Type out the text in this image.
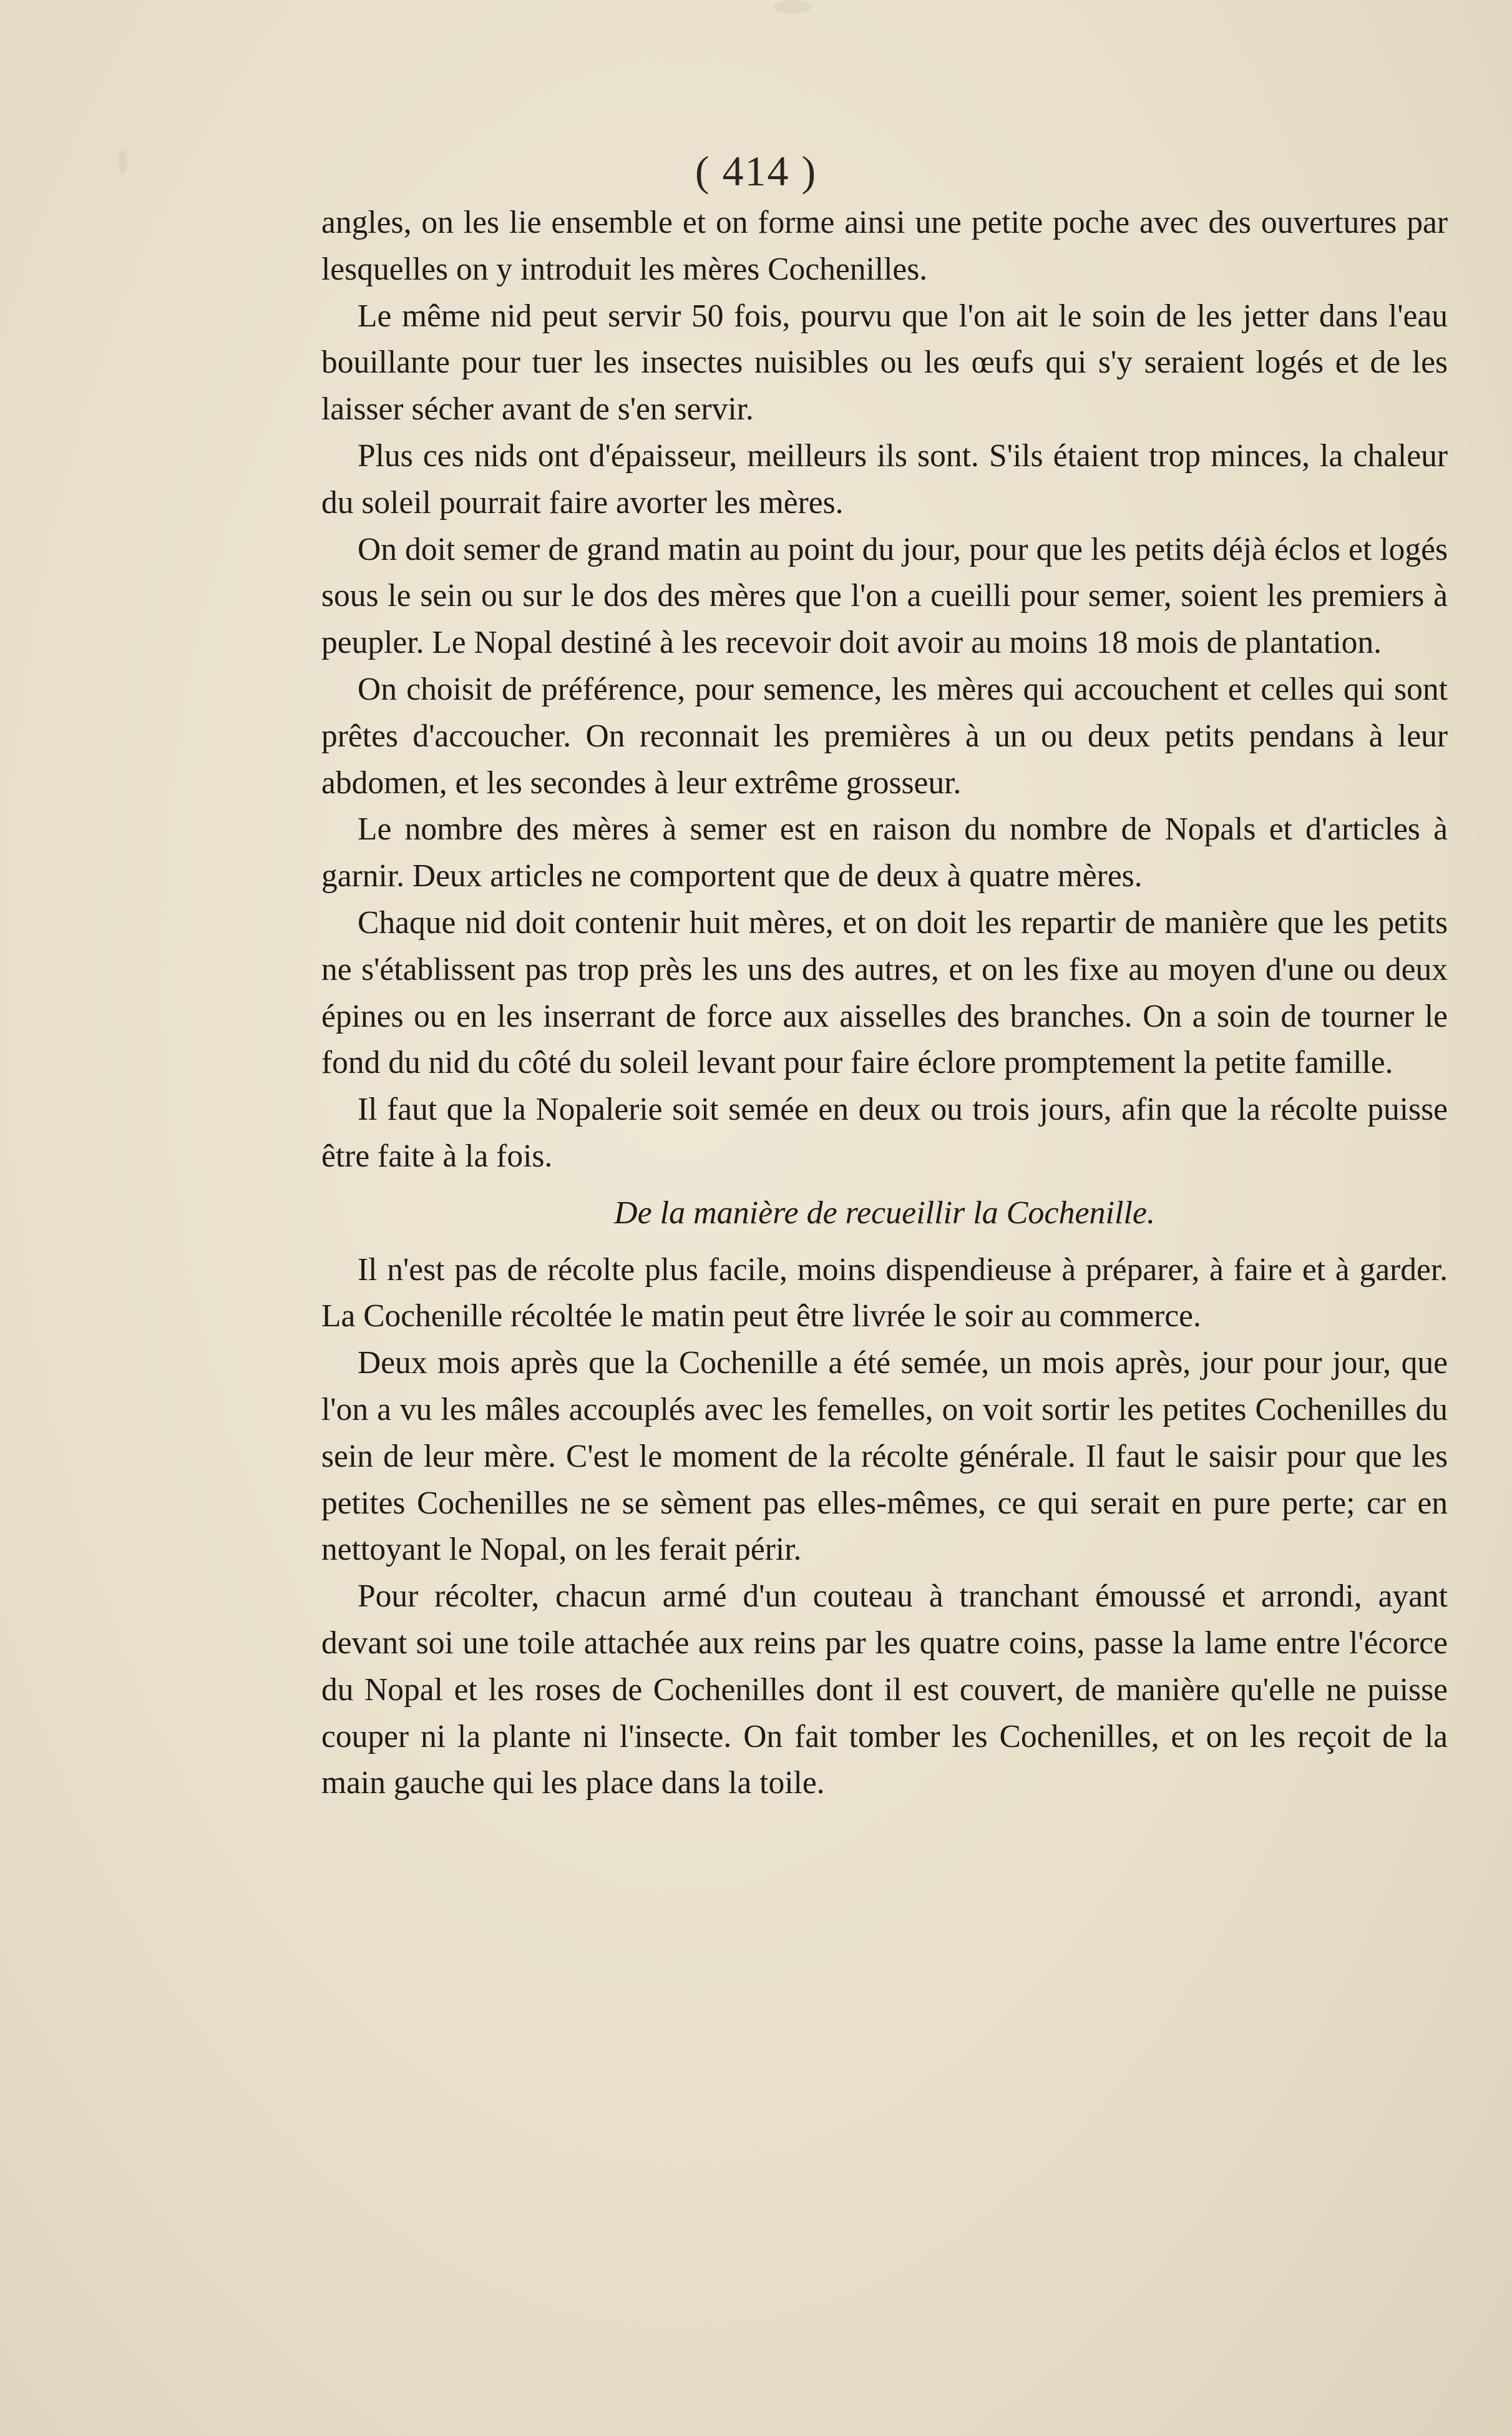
( 414 )

angles, on les lie ensemble et on forme ainsi une petite poche avec des ouvertures par lesquelles on y introduit les mères Cochenilles.

Le même nid peut servir 50 fois, pourvu que l'on ait le soin de les jetter dans l'eau bouillante pour tuer les insectes nuisibles ou les œufs qui s'y seraient logés et de les laisser sécher avant de s'en servir.

Plus ces nids ont d'épaisseur, meilleurs ils sont. S'ils étaient trop minces, la chaleur du soleil pourrait faire avorter les mères.

On doit semer de grand matin au point du jour, pour que les petits déjà éclos et logés sous le sein ou sur le dos des mères que l'on a cueilli pour semer, soient les premiers à peupler. Le Nopal destiné à les recevoir doit avoir au moins 18 mois de plantation.

On choisit de préférence, pour semence, les mères qui accouchent et celles qui sont prêtes d'accoucher. On reconnait les premières à un ou deux petits pendans à leur abdomen, et les secondes à leur extrême grosseur.

Le nombre des mères à semer est en raison du nombre de Nopals et d'articles à garnir. Deux articles ne comportent que de deux à quatre mères.

Chaque nid doit contenir huit mères, et on doit les repartir de manière que les petits ne s'établissent pas trop près les uns des autres, et on les fixe au moyen d'une ou deux épines ou en les inserrant de force aux aisselles des branches. On a soin de tourner le fond du nid du côté du soleil levant pour faire éclore promptement la petite famille.

Il faut que la Nopalerie soit semée en deux ou trois jours, afin que la récolte puisse être faite à la fois.

De la manière de recueillir la Cochenille.

Il n'est pas de récolte plus facile, moins dispendieuse à préparer, à faire et à garder. La Cochenille récoltée le matin peut être livrée le soir au commerce.

Deux mois après que la Cochenille a été semée, un mois après, jour pour jour, que l'on a vu les mâles accouplés avec les femelles, on voit sortir les petites Cochenilles du sein de leur mère. C'est le moment de la récolte générale. Il faut le saisir pour que les petites Cochenilles ne se sèment pas elles-mêmes, ce qui serait en pure perte; car en nettoyant le Nopal, on les ferait périr.

Pour récolter, chacun armé d'un couteau à tranchant émoussé et arrondi, ayant devant soi une toile attachée aux reins par les quatre coins, passe la lame entre l'écorce du Nopal et les roses de Cochenilles dont il est couvert, de manière qu'elle ne puisse couper ni la plante ni l'insecte. On fait tomber les Cochenilles, et on les reçoit de la main gauche qui les place dans la toile.
